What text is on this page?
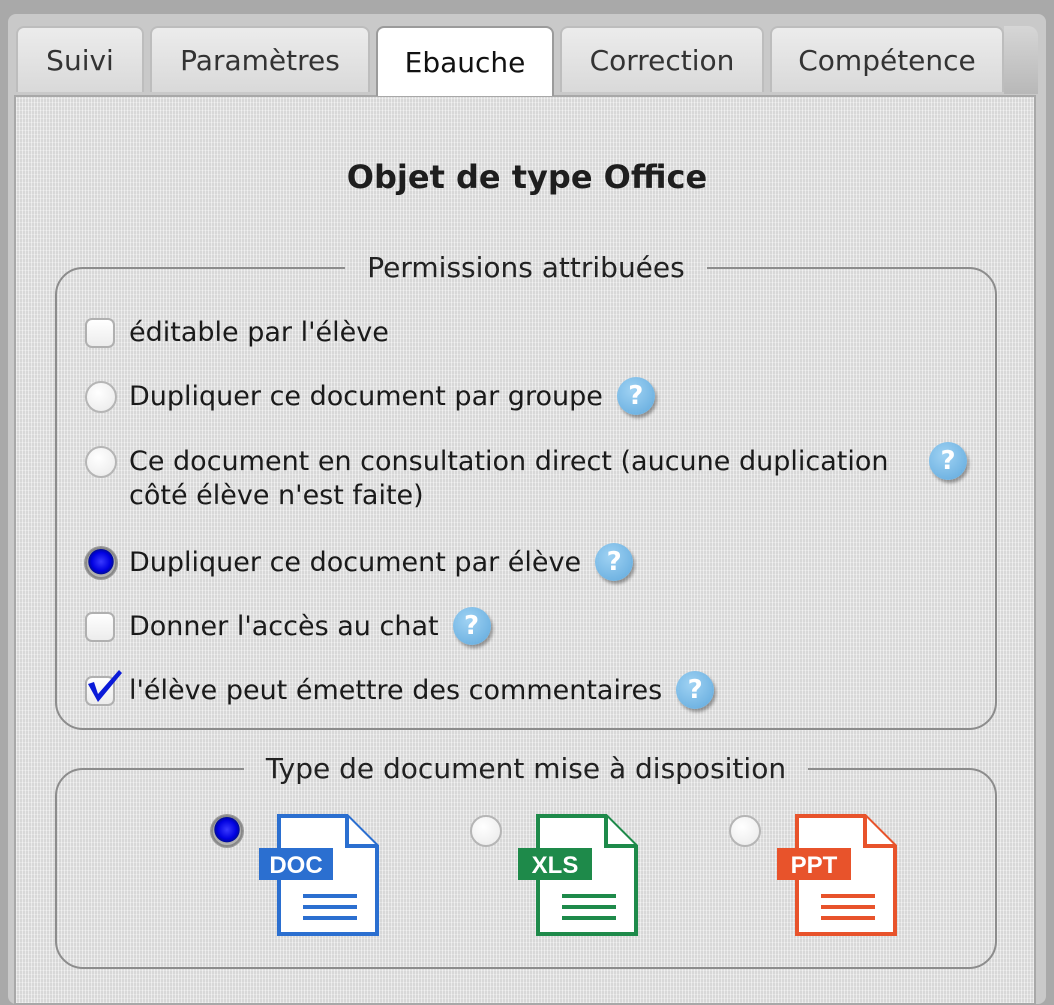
Suivi	Paramètres	Ebauche	Correction	Compétence
Objet de type Office
Permissions attribuées
éditable par l'élève
Dupliquer ce document par groupe ?
Ce document en consultation direct (aucune duplication côté élève n'est faite)
?
Dupliquer ce document par élève ?
Donner l'accès au chat ?
l'élève peut émettre des commentaires ?
Type de document mise à disposition
DOC	XLS	PPT
